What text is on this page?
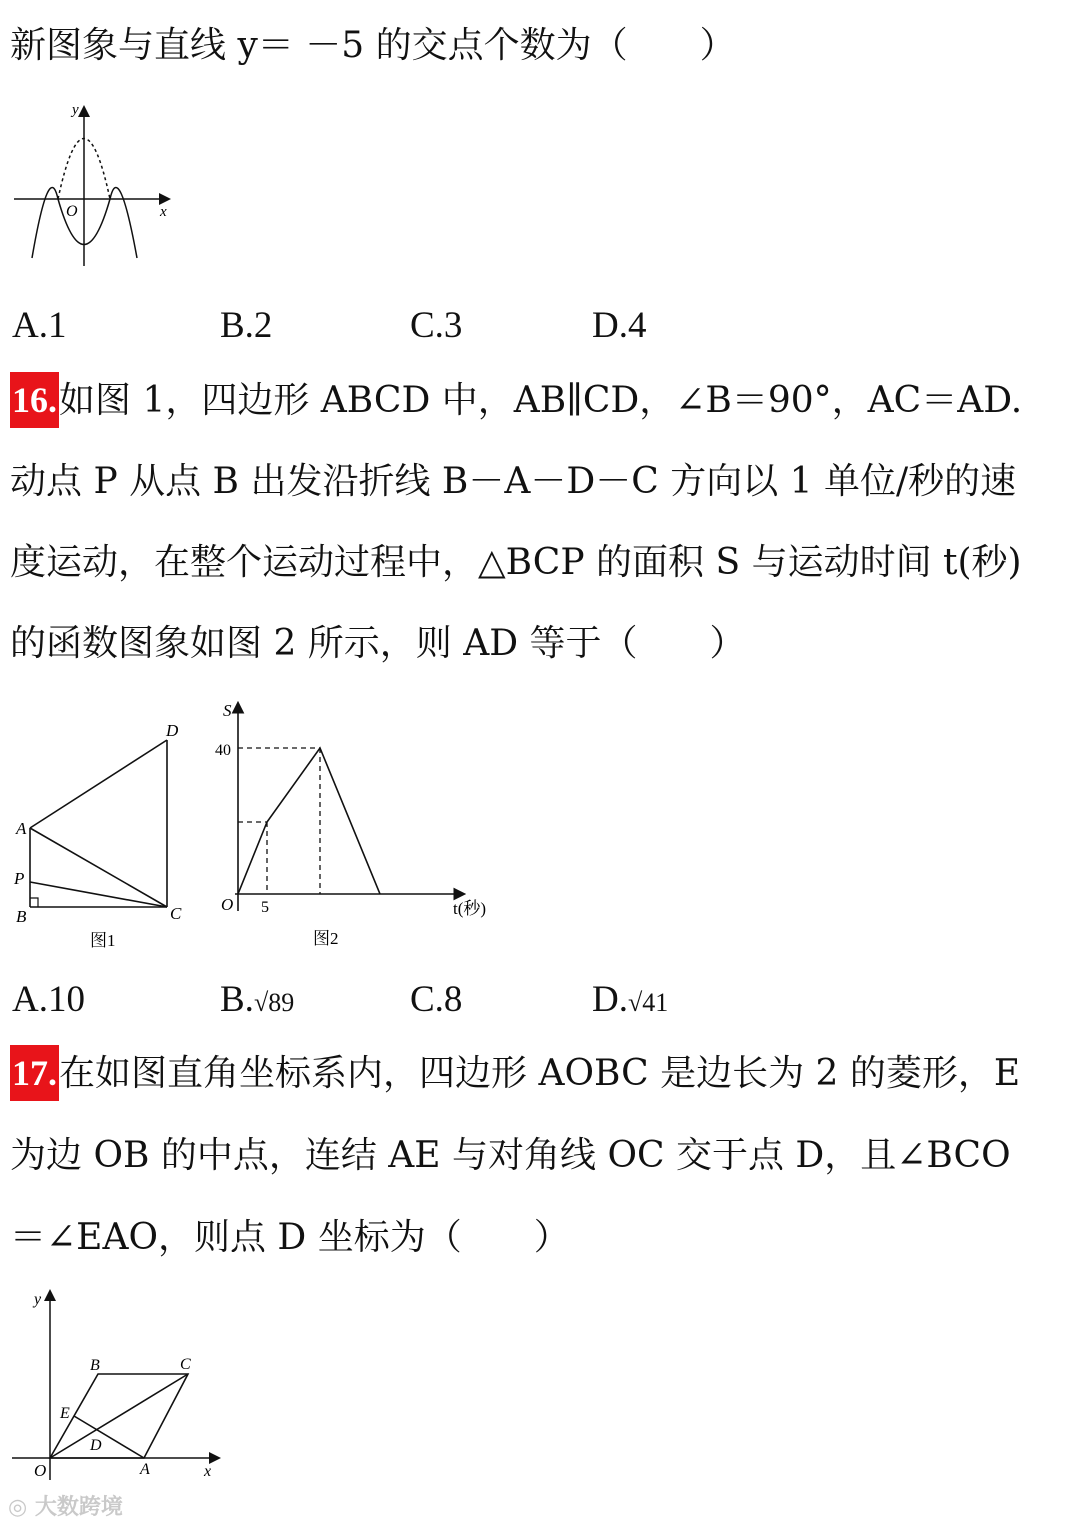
新图象与直线 y＝ －5 的交点个数为（　　）
y
x
O
A.1	B.2	C.3	D.4
16.如图 1，四边形 ABCD 中，AB∥CD，∠B＝90°，AC＝AD.
动点 P 从点 B 出发沿折线 B－A－D－C 方向以 1 单位/秒的速
度运动，在整个运动过程中，△BCP 的面积 S 与运动时间 t(秒)
的函数图象如图 2 所示，则 AD 等于（　　）
A
B	C
D
P
图1
S
40
5
O	t(秒)
图2
A.10	B.√89	C.8	D.√41
17.在如图直角坐标系内，四边形 AOBC 是边长为 2 的菱形，E
为边 OB 的中点，连结 AE 与对角线 OC 交于点 D，且∠BCO
＝∠EAO，则点 D 坐标为（　　）
y
x
O	A
B	C
D
E
◎ 大数跨境
